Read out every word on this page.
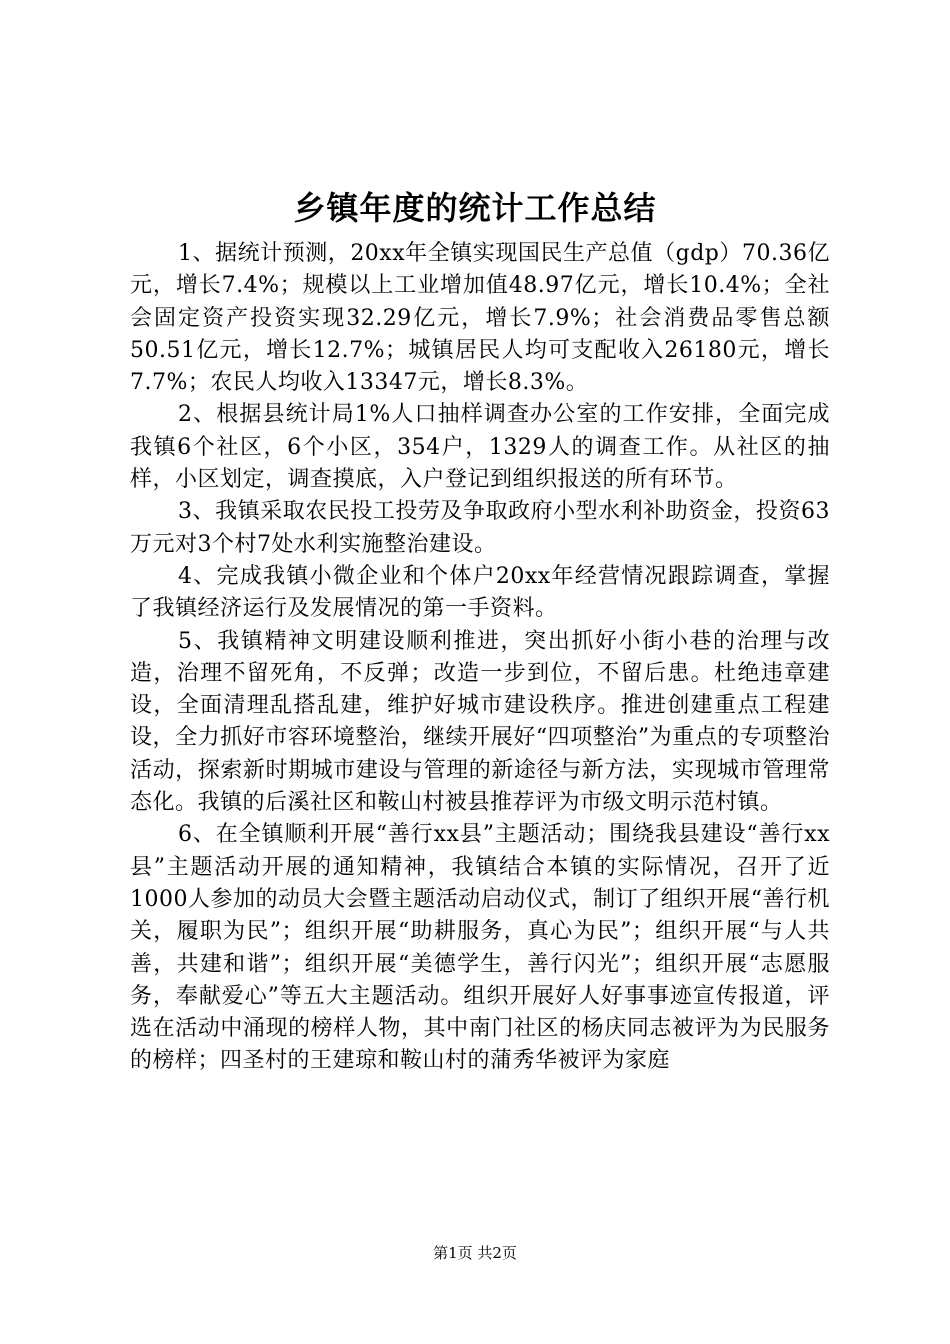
乡镇年度的统计工作总结

1、据统计预测，20xx年全镇实现国民生产总值（gdp）70.36亿元，增长7.4%；规模以上工业增加值48.97亿元，增长10.4%；全社会固定资产投资实现32.29亿元，增长7.9%；社会消费品零售总额50.51亿元，增长12.7%；城镇居民人均可支配收入26180元，增长7.7%；农民人均收入13347元，增长8.3%。

2、根据县统计局1%人口抽样调查办公室的工作安排，全面完成我镇6个社区，6个小区，354户，1329人的调查工作。从社区的抽样，小区划定，调查摸底，入户登记到组织报送的所有环节。

3、我镇采取农民投工投劳及争取政府小型水利补助资金，投资63万元对3个村7处水利实施整治建设。

4、完成我镇小微企业和个体户20xx年经营情况跟踪调查，掌握了我镇经济运行及发展情况的第一手资料。

5、我镇精神文明建设顺利推进，突出抓好小街小巷的治理与改造，治理不留死角，不反弹；改造一步到位，不留后患。杜绝违章建设，全面清理乱搭乱建，维护好城市建设秩序。推进创建重点工程建设，全力抓好市容环境整治，继续开展好“四项整治”为重点的专项整治活动，探索新时期城市建设与管理的新途径与新方法，实现城市管理常态化。我镇的后溪社区和鞍山村被县推荐评为市级文明示范村镇。

6、在全镇顺利开展“善行xx县”主题活动；围绕我县建设“善行xx县”主题活动开展的通知精神，我镇结合本镇的实际情况，召开了近1000人参加的动员大会暨主题活动启动仪式，制订了组织开展“善行机关，履职为民”；组织开展“助耕服务，真心为民”；组织开展“与人共善，共建和谐”；组织开展“美德学生，善行闪光”；组织开展“志愿服务，奉献爱心”等五大主题活动。组织开展好人好事事迹宣传报道，评选在活动中涌现的榜样人物，其中南门社区的杨庆同志被评为为民服务的榜样；四圣村的王建琼和鞍山村的蒲秀华被评为家庭

第1页 共2页
